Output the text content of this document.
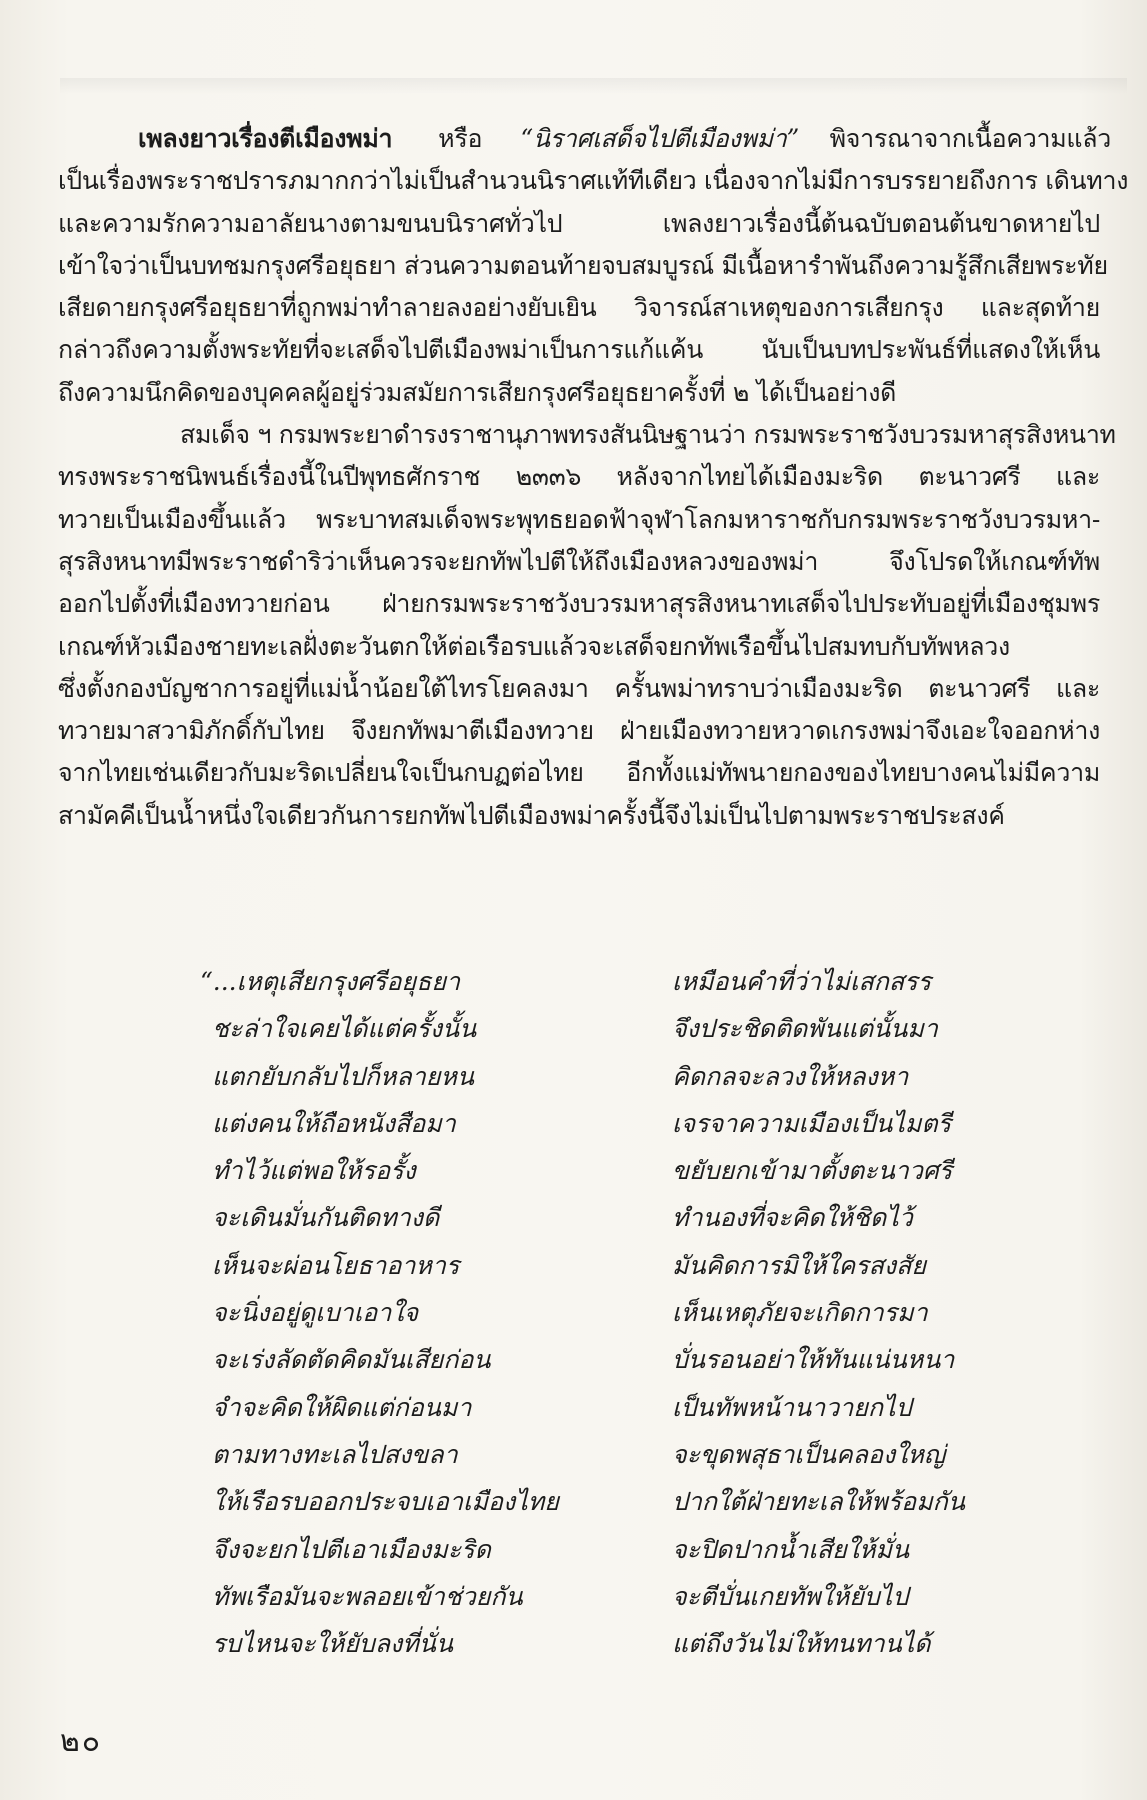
เพลงยาวเรื่องตีเมืองพม่า หรือ “นิราศเสด็จไปตีเมืองพม่า” พิจารณาจากเนื้อความแล้ว
เป็นเรื่องพระราชปรารภมากกว่าไม่เป็นสำนวนนิราศแท้ทีเดียว เนื่องจากไม่มีการบรรยายถึงการ เดินทาง
และความรักความอาลัยนางตามขนบนิราศทั่วไป เพลงยาวเรื่องนี้ต้นฉบับตอนต้นขาดหายไป
เข้าใจว่าเป็นบทชมกรุงศรีอยุธยา ส่วนความตอนท้ายจบสมบูรณ์ มีเนื้อหารำพันถึงความรู้สึกเสียพระทัย
เสียดายกรุงศรีอยุธยาที่ถูกพม่าทำลายลงอย่างยับเยิน วิจารณ์สาเหตุของการเสียกรุง และสุดท้าย
กล่าวถึงความตั้งพระทัยที่จะเสด็จไปตีเมืองพม่าเป็นการแก้แค้น นับเป็นบทประพันธ์ที่แสดงให้เห็น
ถึงความนึกคิดของบุคคลผู้อยู่ร่วมสมัยการเสียกรุงศรีอยุธยาครั้งที่ ๒ ได้เป็นอย่างดี

สมเด็จ ฯ กรมพระยาดำรงราชานุภาพทรงสันนิษฐานว่า กรมพระราชวังบวรมหาสุรสิงหนาท
ทรงพระราชนิพนธ์เรื่องนี้ในปีพุทธศักราช ๒๓๓๖ หลังจากไทยได้เมืองมะริด ตะนาวศรี และ
ทวายเป็นเมืองขึ้นแล้ว พระบาทสมเด็จพระพุทธยอดฟ้าจุฬาโลกมหาราชกับกรมพระราชวังบวรมหา-
สุรสิงหนาทมีพระราชดำริว่าเห็นควรจะยกทัพไปตีให้ถึงเมืองหลวงของพม่า จึงโปรดให้เกณฑ์ทัพ
ออกไปตั้งที่เมืองทวายก่อน ฝ่ายกรมพระราชวังบวรมหาสุรสิงหนาทเสด็จไปประทับอยู่ที่เมืองชุมพร
เกณฑ์หัวเมืองชายทะเลฝั่งตะวันตกให้ต่อเรือรบแล้วจะเสด็จยกทัพเรือขึ้นไปสมทบกับทัพหลวง
ซึ่งตั้งกองบัญชาการอยู่ที่แม่น้ำน้อยใต้ไทรโยคลงมา ครั้นพม่าทราบว่าเมืองมะริด ตะนาวศรี และ
ทวายมาสวามิภักดิ์กับไทย จึงยกทัพมาตีเมืองทวาย ฝ่ายเมืองทวายหวาดเกรงพม่าจึงเอะใจออกห่าง
จากไทยเช่นเดียวกับมะริดเปลี่ยนใจเป็นกบฏต่อไทย อีกทั้งแม่ทัพนายกองของไทยบางคนไม่มีความ
สามัคคีเป็นน้ำหนึ่งใจเดียวกันการยกทัพไปตีเมืองพม่าครั้งนี้จึงไม่เป็นไปตามพระราชประสงค์

“...เหตุเสียกรุงศรีอยุธยา	เหมือนคำที่ว่าไม่เสกสรร
ชะล่าใจเคยได้แต่ครั้งนั้น	จึงประชิดติดพันแต่นั้นมา
แตกยับกลับไปก็หลายหน	คิดกลจะลวงให้หลงหา
แต่งคนให้ถือหนังสือมา	เจรจาความเมืองเป็นไมตรี
ทำไว้แต่พอให้รอรั้ง	ขยับยกเข้ามาตั้งตะนาวศรี
จะเดินมั่นกันติดทางดี	ทำนองที่จะคิดให้ชิดไว้
เห็นจะผ่อนโยธาอาหาร	มันคิดการมิให้ใครสงสัย
จะนิ่งอยู่ดูเบาเอาใจ	เห็นเหตุภัยจะเกิดการมา
จะเร่งลัดตัดคิดมันเสียก่อน	บั่นรอนอย่าให้ทันแน่นหนา
จำจะคิดให้ผิดแต่ก่อนมา	เป็นทัพหน้านาวายกไป
ตามทางทะเลไปสงขลา	จะขุดพสุธาเป็นคลองใหญ่
ให้เรือรบออกประจบเอาเมืองไทย	ปากใต้ฝ่ายทะเลให้พร้อมกัน
จึงจะยกไปตีเอาเมืองมะริด	จะปิดปากน้ำเสียให้มั่น
ทัพเรือมันจะพลอยเข้าช่วยกัน	จะตีบั่นเกยทัพให้ยับไป
รบไหนจะให้ยับลงที่นั่น	แต่ถึงวันไม่ให้ทนทานได้
๒๐
